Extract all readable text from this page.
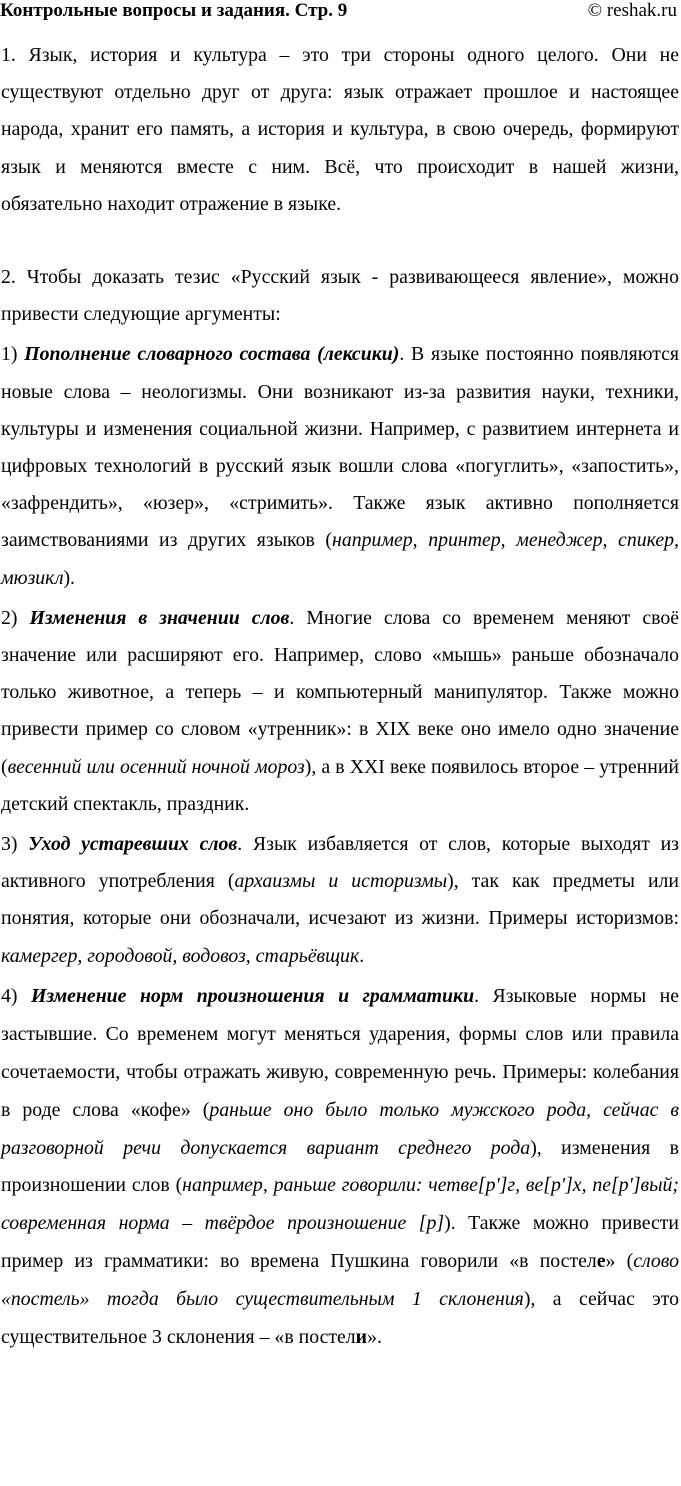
Контрольные вопросы и задания. Стр. 9	© reshak.ru

1. Язык, история и культура – это три стороны одного целого. Они не существуют отдельно друг от друга: язык отражает прошлое и настоящее народа, хранит его память, а история и культура, в свою очередь, формируют язык и меняются вместе с ним. Всё, что происходит в нашей жизни, обязательно находит отражение в языке.

2. Чтобы доказать тезис «Русский язык - развивающееся явление», можно привести следующие аргументы:

1) Пополнение словарного состава (лексики). В языке постоянно появляются новые слова – неологизмы. Они возникают из-за развития науки, техники, культуры и изменения социальной жизни. Например, с развитием интернета и цифровых технологий в русский язык вошли слова «погуглить», «запостить», «зафрендить», «юзер», «стримить». Также язык активно пополняется заимствованиями из других языков (например, принтер, менеджер, спикер, мюзикл).

2) Изменения в значении слов. Многие слова со временем меняют своё значение или расширяют его. Например, слово «мышь» раньше обозначало только животное, а теперь – и компьютерный манипулятор. Также можно привести пример со словом «утренник»: в XIX веке оно имело одно значение (весенний или осенний ночной мороз), а в XXI веке появилось второе – утренний детский спектакль, праздник.

3) Уход устаревших слов. Язык избавляется от слов, которые выходят из активного употребления (архаизмы и историзмы), так как предметы или понятия, которые они обозначали, исчезают из жизни. Примеры историзмов: камергер, городовой, водовоз, старьёвщик.

4) Изменение норм произношения и грамматики. Языковые нормы не застывшие. Со временем могут меняться ударения, формы слов или правила сочетаемости, чтобы отражать живую, современную речь. Примеры: колебания в роде слова «кофе» (раньше оно было только мужского рода, сейчас в разговорной речи допускается вариант среднего рода), изменения в произношении слов (например, раньше говорили: четве[р']г, ве[р']х, пе[р']вый; современная норма – твёрдое произношение [р]). Также можно привести пример из грамматики: во времена Пушкина говорили «в постеле» (слово «постель» тогда было существительным 1 склонения), а сейчас это существительное 3 склонения – «в постели».
